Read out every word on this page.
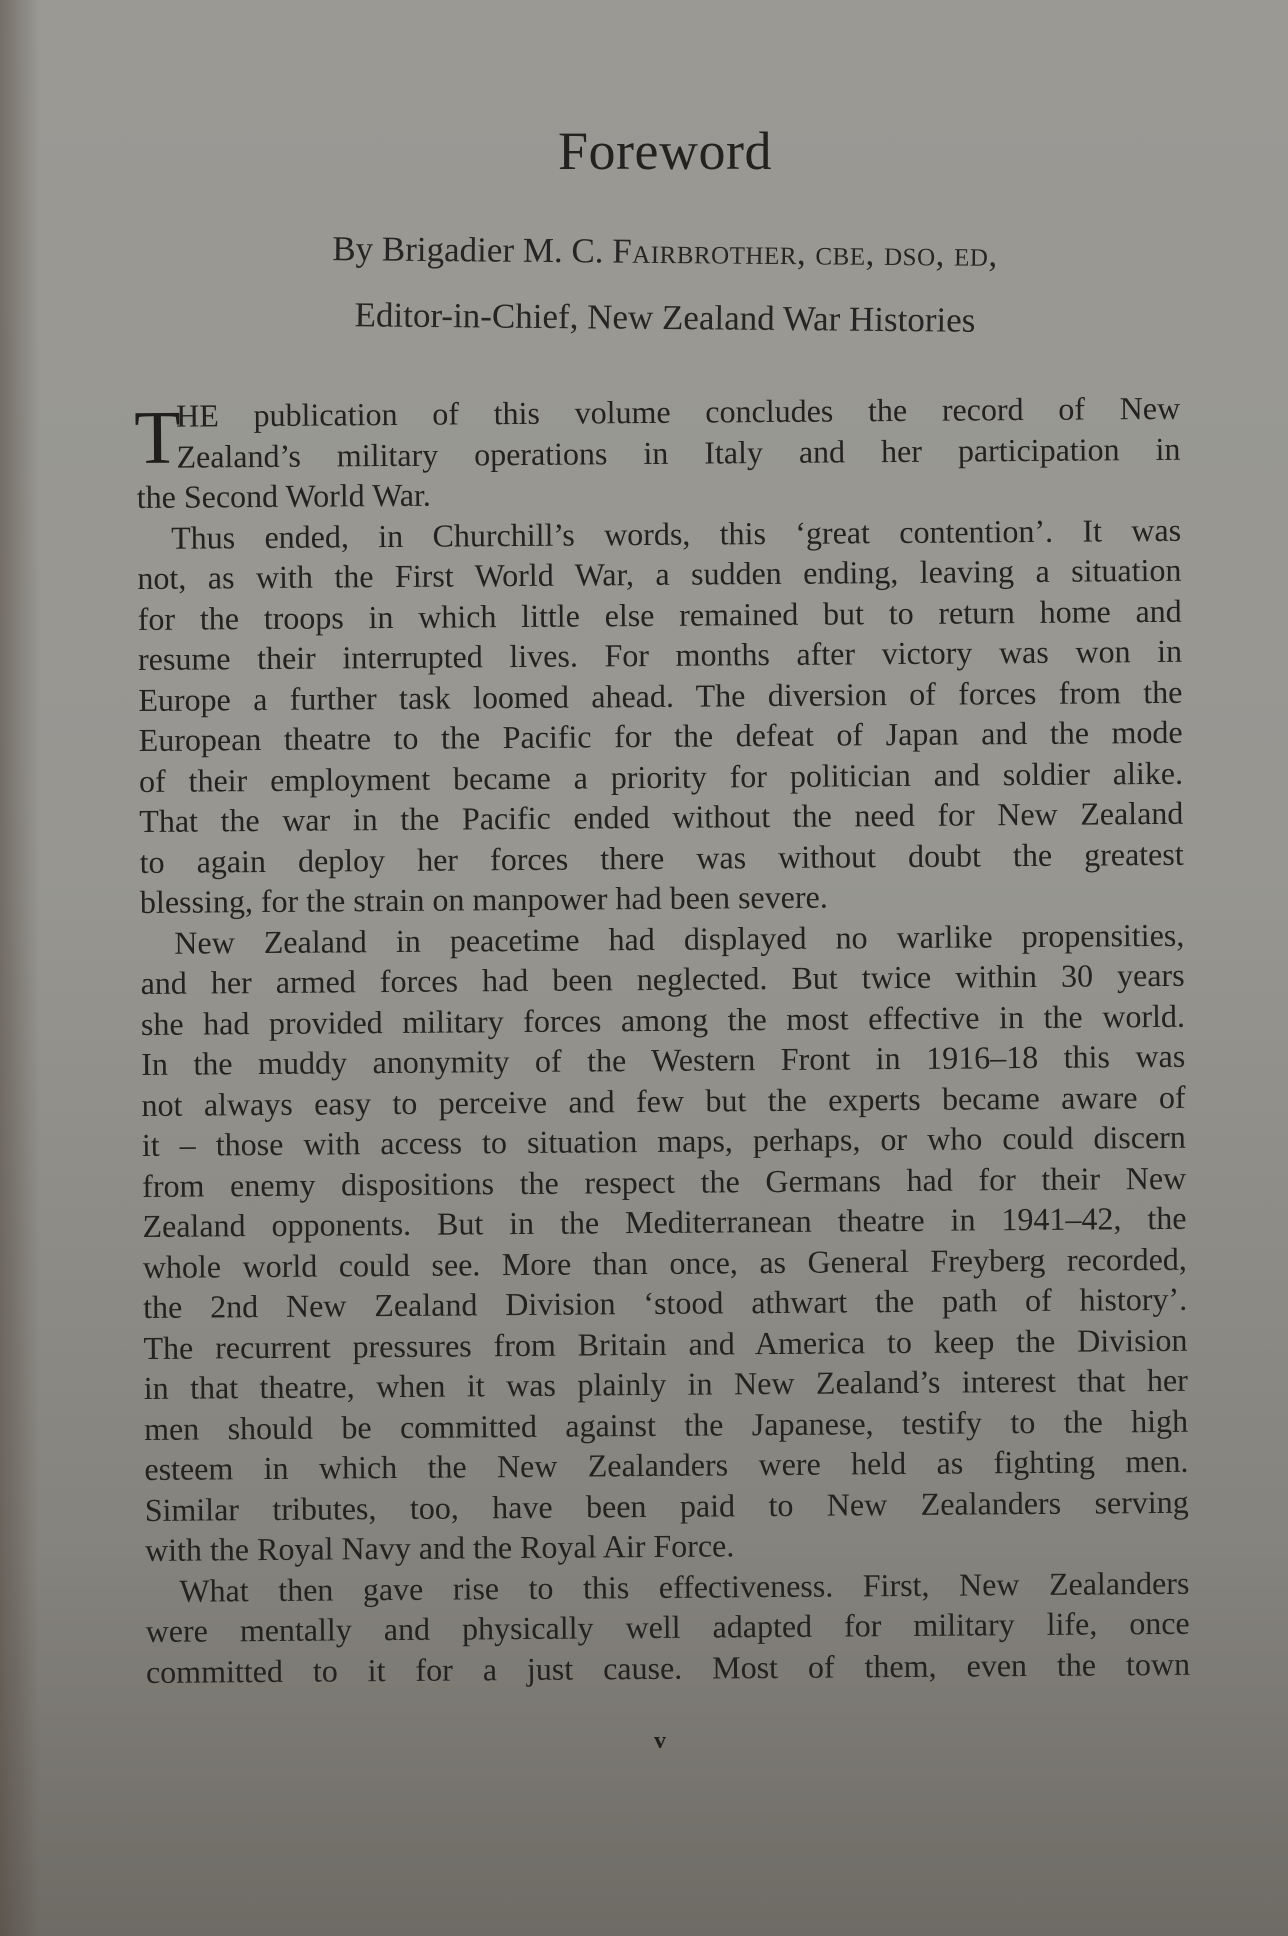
Foreword
By Brigadier M. C. Fairbrother, cbe, dso, ed,
Editor-in-Chief, New Zealand War Histories
T
HE publication of this volume concludes the record of New
Zealand’s military operations in Italy and her participation in
the Second World War.
Thus ended, in Churchill’s words, this ‘great contention’. It was
not, as with the First World War, a sudden ending, leaving a situation
for the troops in which little else remained but to return home and
resume their interrupted lives. For months after victory was won in
Europe a further task loomed ahead. The diversion of forces from the
European theatre to the Pacific for the defeat of Japan and the mode
of their employment became a priority for politician and soldier alike.
That the war in the Pacific ended without the need for New Zealand
to again deploy her forces there was without doubt the greatest
blessing, for the strain on manpower had been severe.
New Zealand in peacetime had displayed no warlike propensities,
and her armed forces had been neglected. But twice within 30 years
she had provided military forces among the most effective in the world.
In the muddy anonymity of the Western Front in 1916–18 this was
not always easy to perceive and few but the experts became aware of
it – those with access to situation maps, perhaps, or who could discern
from enemy dispositions the respect the Germans had for their New
Zealand opponents. But in the Mediterranean theatre in 1941–42, the
whole world could see. More than once, as General Freyberg recorded,
the 2nd New Zealand Division ‘stood athwart the path of history’.
The recurrent pressures from Britain and America to keep the Division
in that theatre, when it was plainly in New Zealand’s interest that her
men should be committed against the Japanese, testify to the high
esteem in which the New Zealanders were held as fighting men.
Similar tributes, too, have been paid to New Zealanders serving
with the Royal Navy and the Royal Air Force.
What then gave rise to this effectiveness. First, New Zealanders
were mentally and physically well adapted for military life, once
committed to it for a just cause. Most of them, even the town
v
